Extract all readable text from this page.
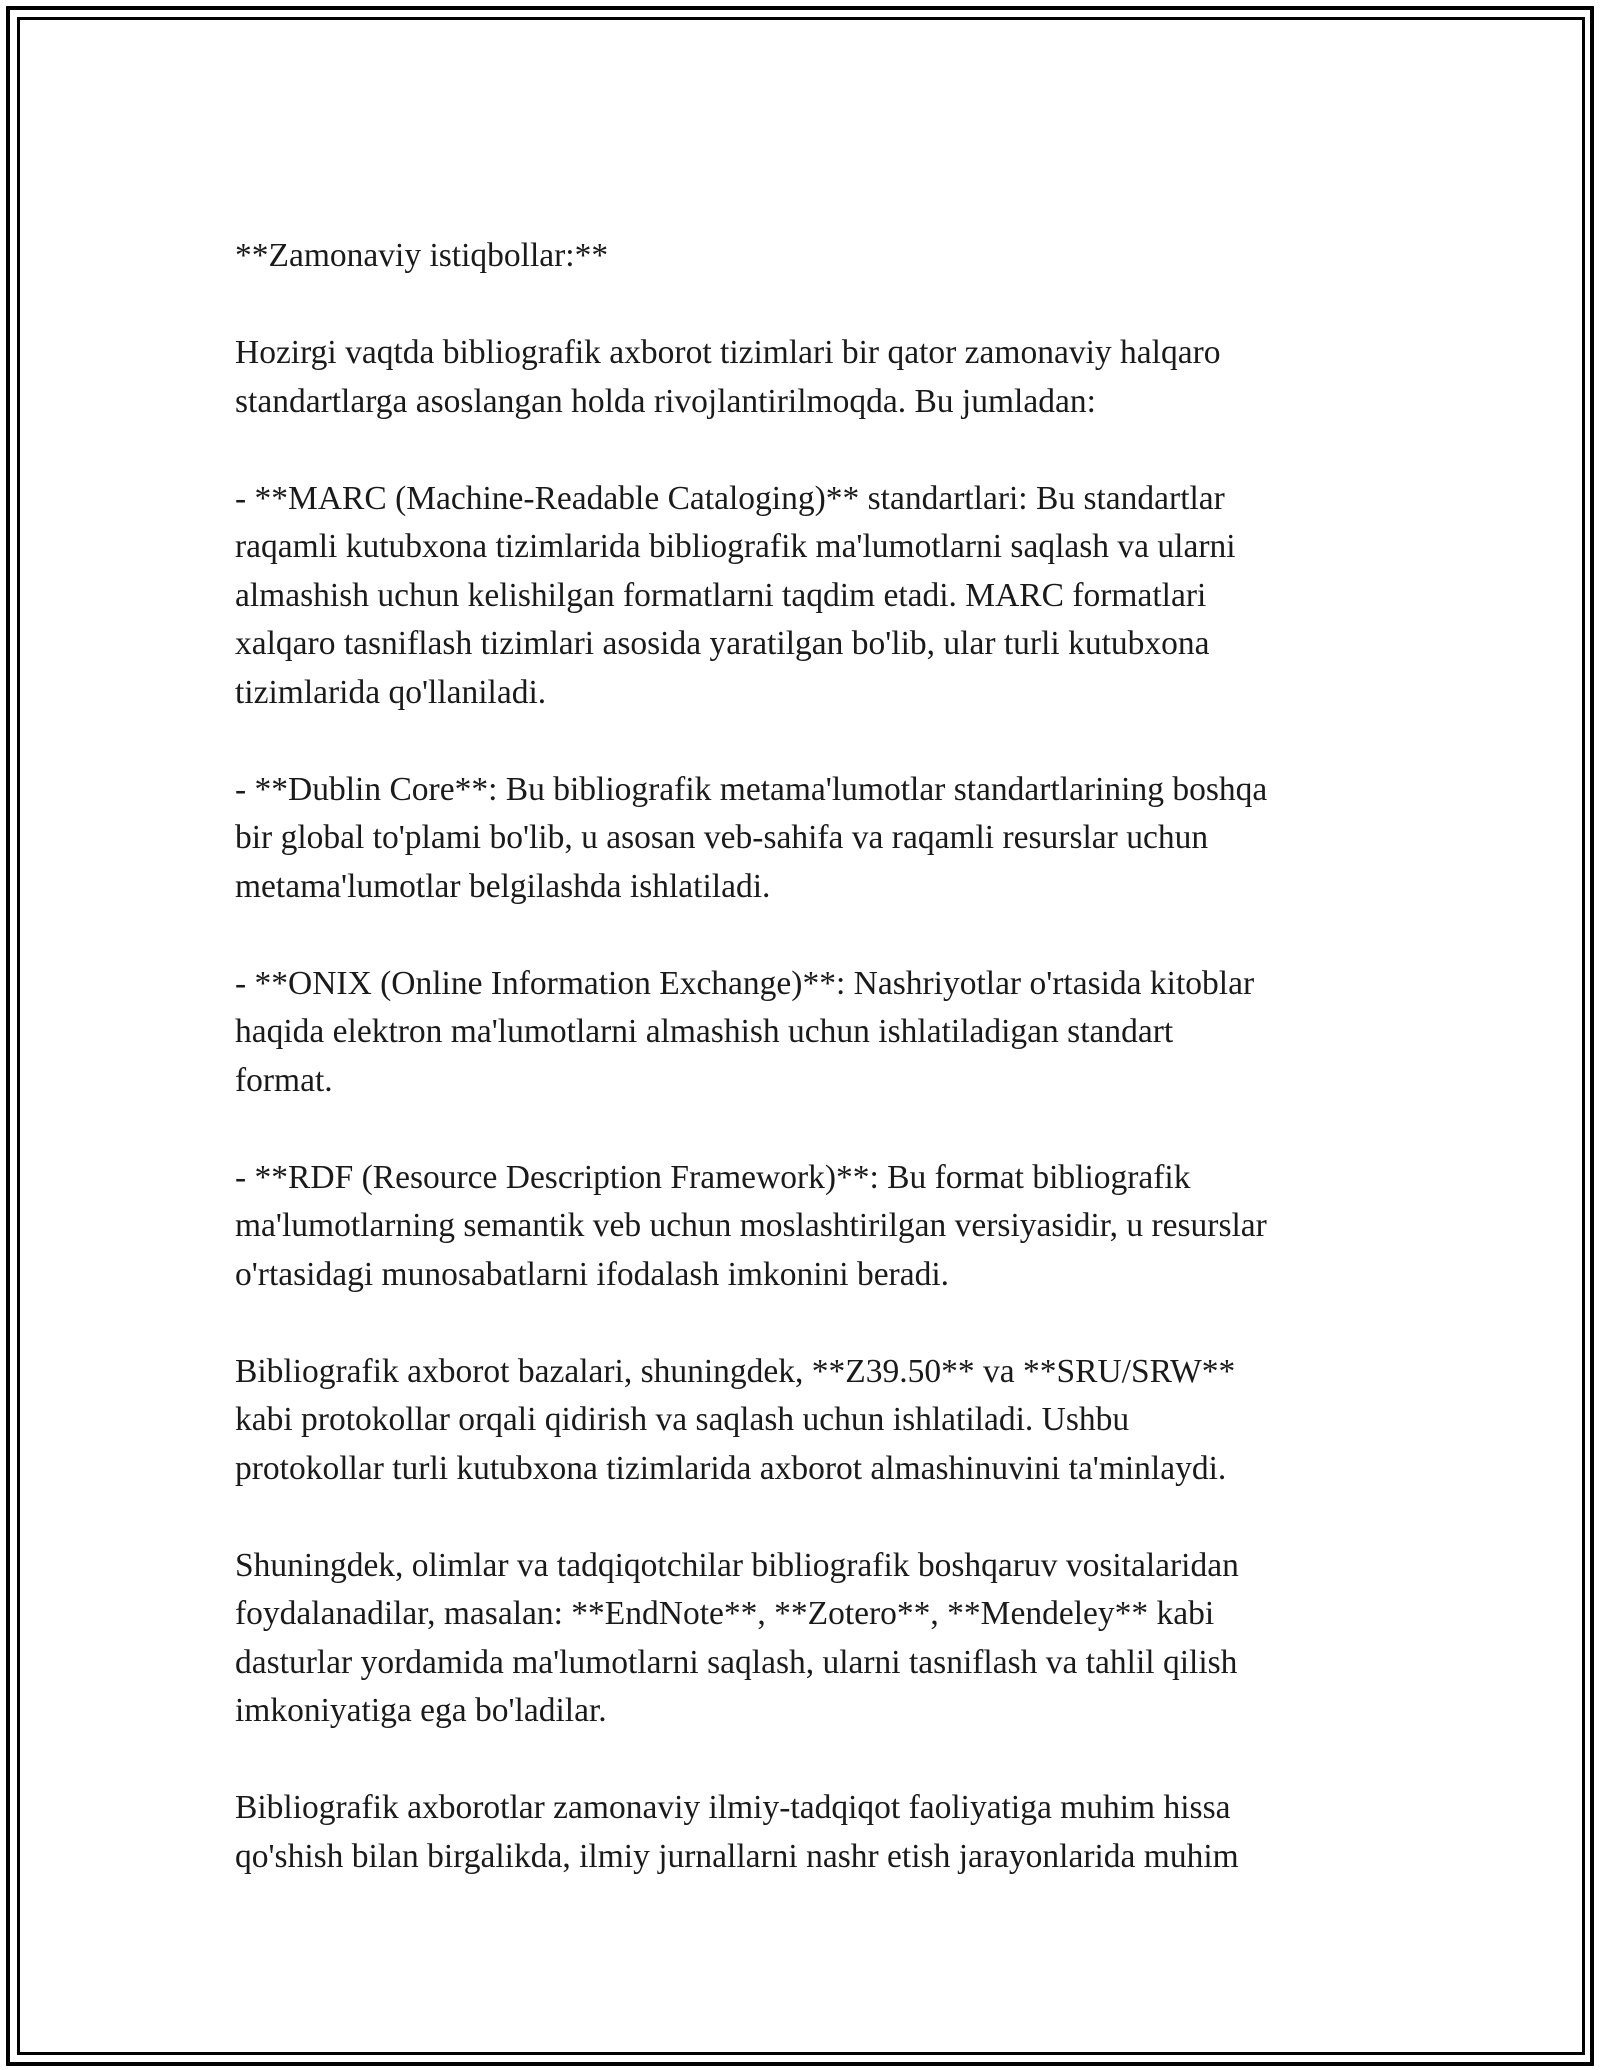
**Zamonaviy istiqbollar:**

Hozirgi vaqtda bibliografik axborot tizimlari bir qator zamonaviy halqaro
standartlarga asoslangan holda rivojlantirilmoqda. Bu jumladan:

- **MARC (Machine-Readable Cataloging)** standartlari: Bu standartlar
raqamli kutubxona tizimlarida bibliografik ma'lumotlarni saqlash va ularni
almashish uchun kelishilgan formatlarni taqdim etadi. MARC formatlari
xalqaro tasniflash tizimlari asosida yaratilgan bo'lib, ular turli kutubxona
tizimlarida qo'llaniladi.

- **Dublin Core**: Bu bibliografik metama'lumotlar standartlarining boshqa
bir global to'plami bo'lib, u asosan veb-sahifa va raqamli resurslar uchun
metama'lumotlar belgilashda ishlatiladi.

- **ONIX (Online Information Exchange)**: Nashriyotlar o'rtasida kitoblar
haqida elektron ma'lumotlarni almashish uchun ishlatiladigan standart
format.

- **RDF (Resource Description Framework)**: Bu format bibliografik
ma'lumotlarning semantik veb uchun moslashtirilgan versiyasidir, u resurslar
o'rtasidagi munosabatlarni ifodalash imkonini beradi.

Bibliografik axborot bazalari, shuningdek, **Z39.50** va **SRU/SRW**
kabi protokollar orqali qidirish va saqlash uchun ishlatiladi. Ushbu
protokollar turli kutubxona tizimlarida axborot almashinuvini ta'minlaydi.

Shuningdek, olimlar va tadqiqotchilar bibliografik boshqaruv vositalaridan
foydalanadilar, masalan: **EndNote**, **Zotero**, **Mendeley** kabi
dasturlar yordamida ma'lumotlarni saqlash, ularni tasniflash va tahlil qilish
imkoniyatiga ega bo'ladilar.

Bibliografik axborotlar zamonaviy ilmiy-tadqiqot faoliyatiga muhim hissa
qo'shish bilan birgalikda, ilmiy jurnallarni nashr etish jarayonlarida muhim
